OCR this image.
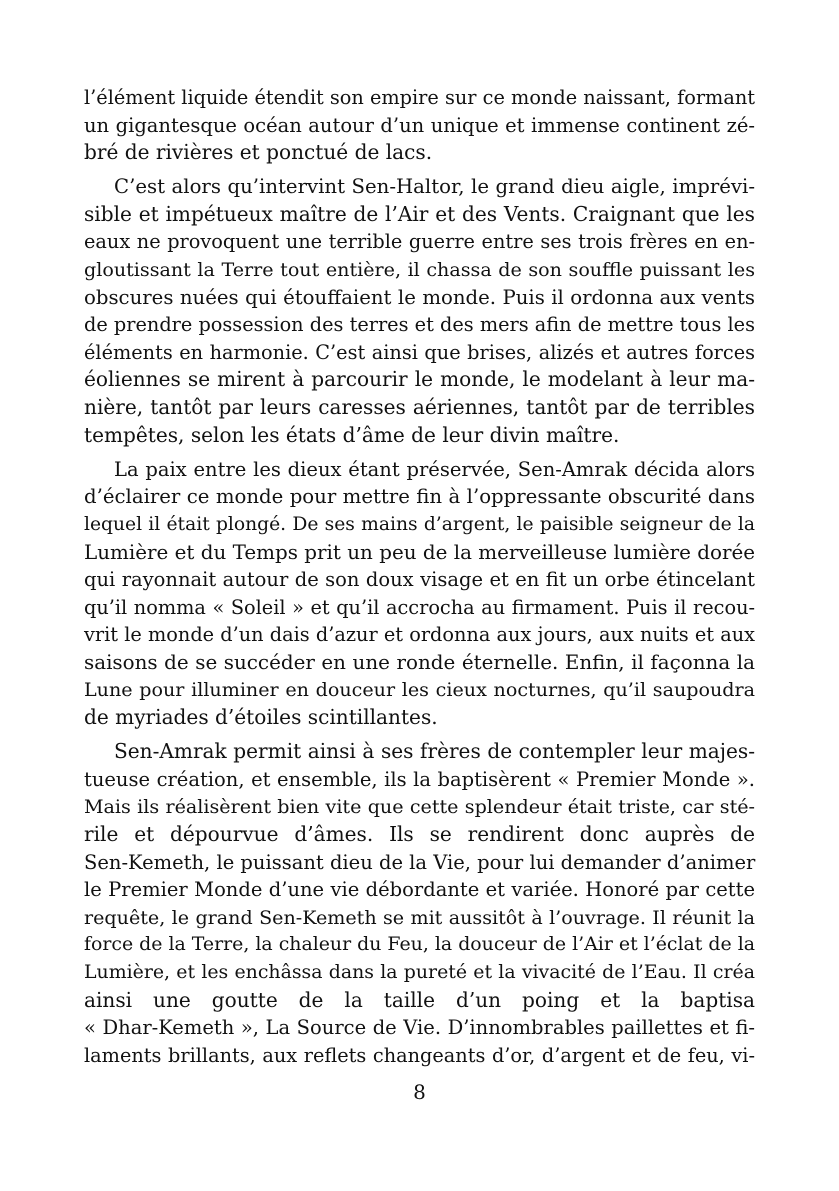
l’élément liquide étendit son empire sur ce monde naissant, formant
un gigantesque océan autour d’un unique et immense continent zé-
bré de rivières et ponctué de lacs.
C’est alors qu’intervint Sen-Haltor, le grand dieu aigle, imprévi-
sible et impétueux maître de l’Air et des Vents. Craignant que les
eaux ne provoquent une terrible guerre entre ses trois frères en en-
gloutissant la Terre tout entière, il chassa de son souffle puissant les
obscures nuées qui étouffaient le monde. Puis il ordonna aux vents
de prendre possession des terres et des mers afin de mettre tous les
éléments en harmonie. C’est ainsi que brises, alizés et autres forces
éoliennes se mirent à parcourir le monde, le modelant à leur ma-
nière, tantôt par leurs caresses aériennes, tantôt par de terribles
tempêtes, selon les états d’âme de leur divin maître.
La paix entre les dieux étant préservée, Sen-Amrak décida alors
d’éclairer ce monde pour mettre fin à l’oppressante obscurité dans
lequel il était plongé. De ses mains d’argent, le paisible seigneur de la
Lumière et du Temps prit un peu de la merveilleuse lumière dorée
qui rayonnait autour de son doux visage et en fit un orbe étincelant
qu’il nomma « Soleil » et qu’il accrocha au firmament. Puis il recou-
vrit le monde d’un dais d’azur et ordonna aux jours, aux nuits et aux
saisons de se succéder en une ronde éternelle. Enfin, il façonna la
Lune pour illuminer en douceur les cieux nocturnes, qu’il saupoudra
de myriades d’étoiles scintillantes.
Sen-Amrak permit ainsi à ses frères de contempler leur majes-
tueuse création, et ensemble, ils la baptisèrent « Premier Monde ».
Mais ils réalisèrent bien vite que cette splendeur était triste, car sté-
rile et dépourvue d’âmes. Ils se rendirent donc auprès de
Sen-Kemeth, le puissant dieu de la Vie, pour lui demander d’animer
le Premier Monde d’une vie débordante et variée. Honoré par cette
requête, le grand Sen-Kemeth se mit aussitôt à l’ouvrage. Il réunit la
force de la Terre, la chaleur du Feu, la douceur de l’Air et l’éclat de la
Lumière, et les enchâssa dans la pureté et la vivacité de l’Eau. Il créa
ainsi une goutte de la taille d’un poing et la baptisa
« Dhar-Kemeth », La Source de Vie. D’innombrables paillettes et fi-
laments brillants, aux reflets changeants d’or, d’argent et de feu, vi-
8
